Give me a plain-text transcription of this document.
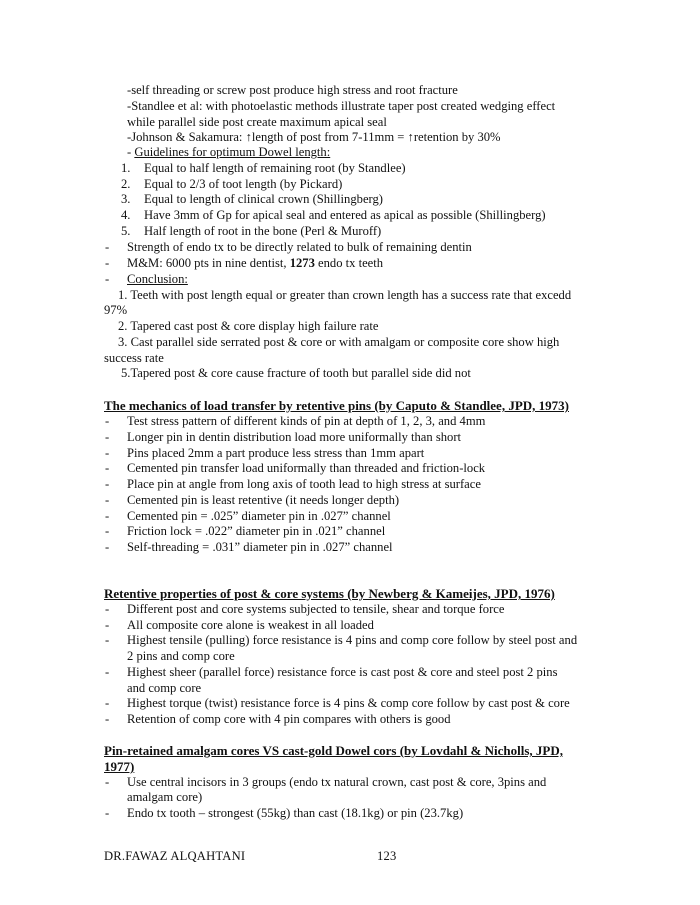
-self threading or screw post produce high stress and root fracture
-Standlee et al: with photoelastic methods illustrate taper post created wedging effect
while parallel side post create maximum apical seal
-Johnson & Sakamura: ↑length of post from 7-11mm = ↑retention by 30%
- Guidelines for optimum Dowel length:
1. Equal to half length of remaining root (by Standlee)
2. Equal to 2/3 of toot length (by Pickard)
3. Equal to length of clinical crown (Shillingberg)
4. Have 3mm of Gp for apical seal and entered as apical as possible (Shillingberg)
5. Half length of root in the bone (Perl & Muroff)
- Strength of endo tx to be directly related to bulk of remaining dentin
- M&M: 6000 pts in nine dentist, 1273 endo tx teeth
- Conclusion:
1. Teeth with post length equal or greater than crown length has a success rate that excedd
97%
2. Tapered cast post & core display high failure rate
3. Cast parallel side serrated post & core or with amalgam or composite core show high
success rate
5.Tapered post & core cause fracture of tooth but parallel side did not
The mechanics of load transfer by retentive pins (by Caputo & Standlee, JPD, 1973)
- Test stress pattern of different kinds of pin at depth of 1, 2, 3, and 4mm
- Longer pin in dentin distribution load more uniformally than short
- Pins placed 2mm a part produce less stress than 1mm apart
- Cemented pin transfer load uniformally than threaded and friction-lock
- Place pin at angle from long axis of tooth lead to high stress at surface
- Cemented pin is least retentive (it needs longer depth)
- Cemented pin = .025” diameter pin in .027” channel
- Friction lock = .022” diameter pin in .021” channel
- Self-threading = .031” diameter pin in .027” channel
Retentive properties of post & core systems (by Newberg & Kameijes, JPD, 1976)
- Different post and core systems subjected to tensile, shear and torque force
- All composite core alone is weakest in all loaded
- Highest tensile (pulling) force resistance is 4 pins and comp core follow by steel post and
2 pins and comp core
- Highest sheer (parallel force) resistance force is cast post & core and steel post 2 pins
and comp core
- Highest torque (twist) resistance force is 4 pins & comp core follow by cast post & core
- Retention of comp core with 4 pin compares with others is good
Pin-retained amalgam cores VS cast-gold Dowel cors (by Lovdahl & Nicholls, JPD,
1977)
- Use central incisors in 3 groups (endo tx natural crown, cast post & core, 3pins and
amalgam core)
- Endo tx tooth – strongest (55kg) than cast (18.1kg) or pin (23.7kg)
DR.FAWAZ ALQAHTANI	123
